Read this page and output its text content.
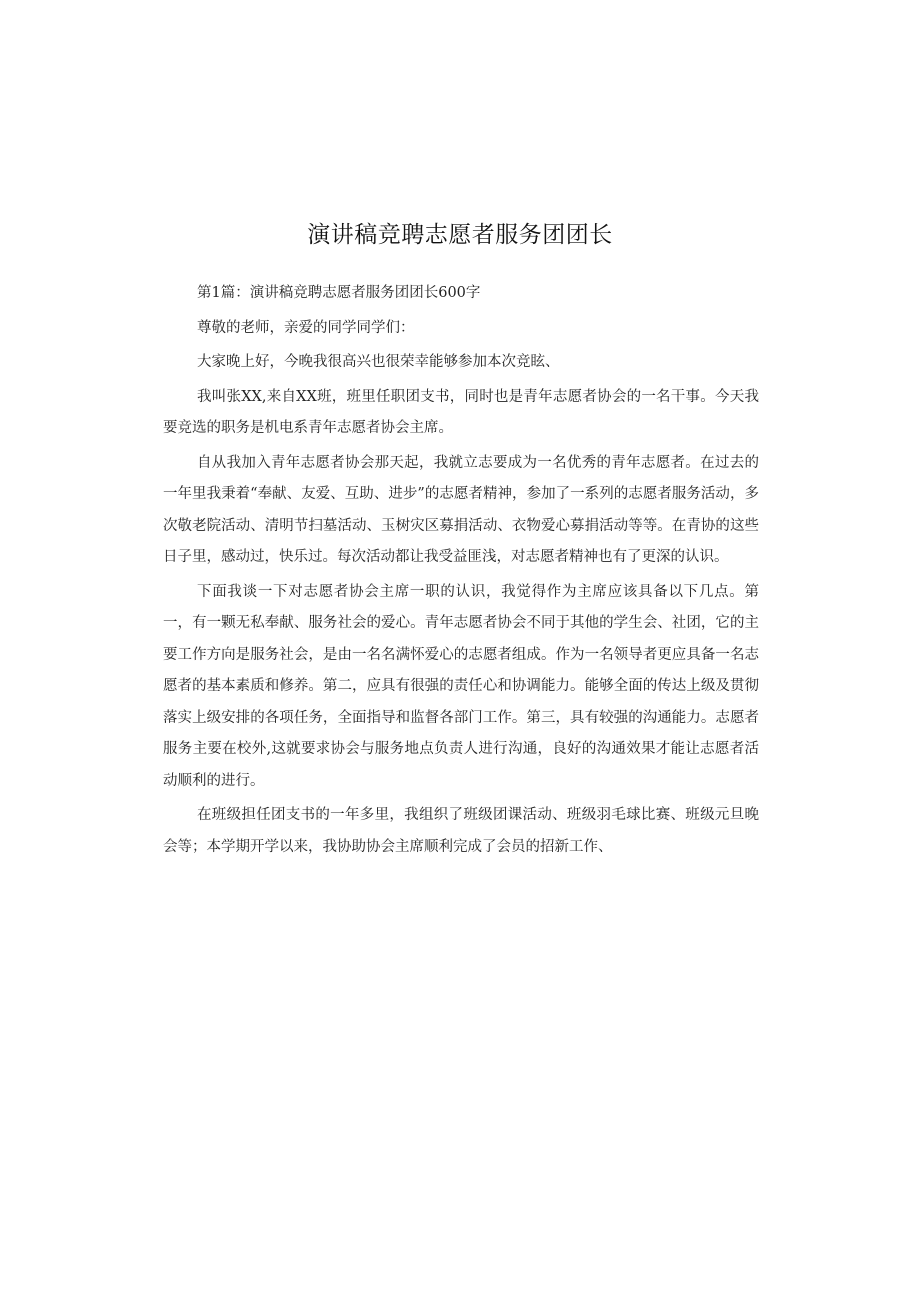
演讲稿竞聘志愿者服务团团长

第1篇：演讲稿竞聘志愿者服务团团长600字

尊敬的老师，亲爱的同学同学们：

大家晚上好，今晚我很高兴也很荣幸能够参加本次竞眩、

我叫张XX,来自XX班，班里任职团支书，同时也是青年志愿者协会的一名干事。今天我要竞选的职务是机电系青年志愿者协会主席。

自从我加入青年志愿者协会那天起，我就立志要成为一名优秀的青年志愿者。在过去的一年里我秉着“奉献、友爱、互助、进步”的志愿者精神，参加了一系列的志愿者服务活动，多次敬老院活动、清明节扫墓活动、玉树灾区募捐活动、衣物爱心募捐活动等等。在青协的这些日子里，感动过，快乐过。每次活动都让我受益匪浅，对志愿者精神也有了更深的认识。

下面我谈一下对志愿者协会主席一职的认识，我觉得作为主席应该具备以下几点。第一，有一颗无私奉献、服务社会的爱心。青年志愿者协会不同于其他的学生会、社团，它的主要工作方向是服务社会，是由一名名满怀爱心的志愿者组成。作为一名领导者更应具备一名志愿者的基本素质和修养。第二，应具有很强的责任心和协调能力。能够全面的传达上级及贯彻落实上级安排的各项任务，全面指导和监督各部门工作。第三，具有较强的沟通能力。志愿者服务主要在校外,这就要求协会与服务地点负责人进行沟通，良好的沟通效果才能让志愿者活动顺利的进行。

在班级担任团支书的一年多里，我组织了班级团课活动、班级羽毛球比赛、班级元旦晚会等；本学期开学以来，我协助协会主席顺利完成了会员的招新工作、
